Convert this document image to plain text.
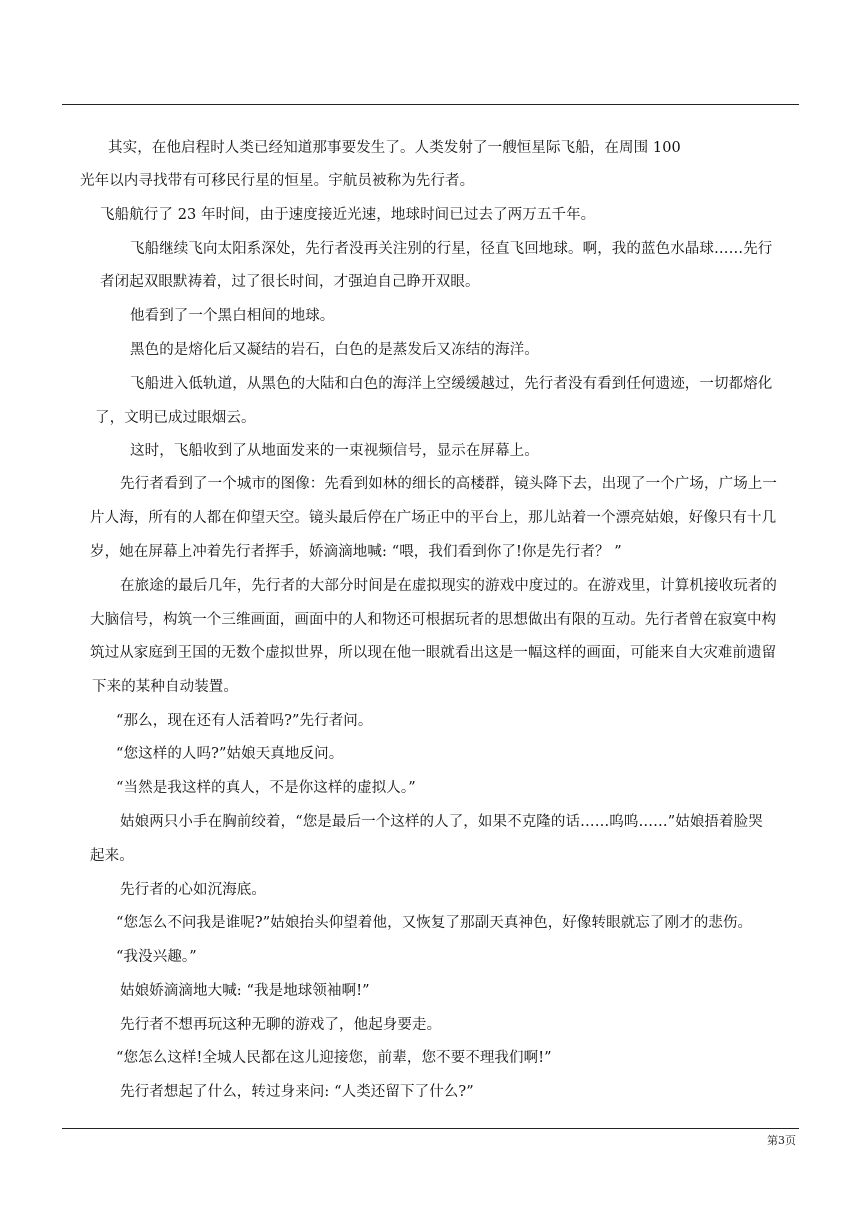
其实，在他启程时人类已经知道那事要发生了。人类发射了一艘恒星际飞船，在周围 100
光年以内寻找带有可移民行星的恒星。宇航员被称为先行者。
飞船航行了 23 年时间，由于速度接近光速，地球时间已过去了两万五千年。
飞船继续飞向太阳系深处，先行者没再关注别的行星，径直飞回地球。啊，我的蓝色水晶球……先行
者闭起双眼默祷着，过了很长时间，才强迫自己睁开双眼。
他看到了一个黑白相间的地球。
黑色的是熔化后又凝结的岩石，白色的是蒸发后又冻结的海洋。
飞船进入低轨道，从黑色的大陆和白色的海洋上空缓缓越过，先行者没有看到任何遗迹，一切都熔化
了，文明已成过眼烟云。
这时，飞船收到了从地面发来的一束视频信号，显示在屏幕上。
先行者看到了一个城市的图像：先看到如林的细长的高楼群，镜头降下去，出现了一个广场，广场上一
片人海，所有的人都在仰望天空。镜头最后停在广场正中的平台上，那儿站着一个漂亮姑娘，好像只有十几
岁，她在屏幕上冲着先行者挥手，娇滴滴地喊: “喂，我们看到你了!你是先行者？ ”
在旅途的最后几年，先行者的大部分时间是在虚拟现实的游戏中度过的。在游戏里，计算机接收玩者的
大脑信号，构筑一个三维画面，画面中的人和物还可根据玩者的思想做出有限的互动。先行者曾在寂寞中构
筑过从家庭到王国的无数个虚拟世界，所以现在他一眼就看出这是一幅这样的画面，可能来自大灾难前遗留
下来的某种自动装置。
“那么，现在还有人活着吗?”先行者问。
“您这样的人吗?”姑娘天真地反问。
“当然是我这样的真人，不是你这样的虚拟人。”
姑娘两只小手在胸前绞着，“您是最后一个这样的人了，如果不克隆的话……呜呜……”姑娘捂着脸哭
起来。
先行者的心如沉海底。
“您怎么不问我是谁呢?”姑娘抬头仰望着他，又恢复了那副天真神色，好像转眼就忘了刚才的悲伤。
“我没兴趣。”
姑娘娇滴滴地大喊: “我是地球领袖啊!”
先行者不想再玩这种无聊的游戏了，他起身要走。
“您怎么这样!全城人民都在这儿迎接您，前辈，您不要不理我们啊!”
先行者想起了什么，转过身来问: “人类还留下了什么?”
第3页
